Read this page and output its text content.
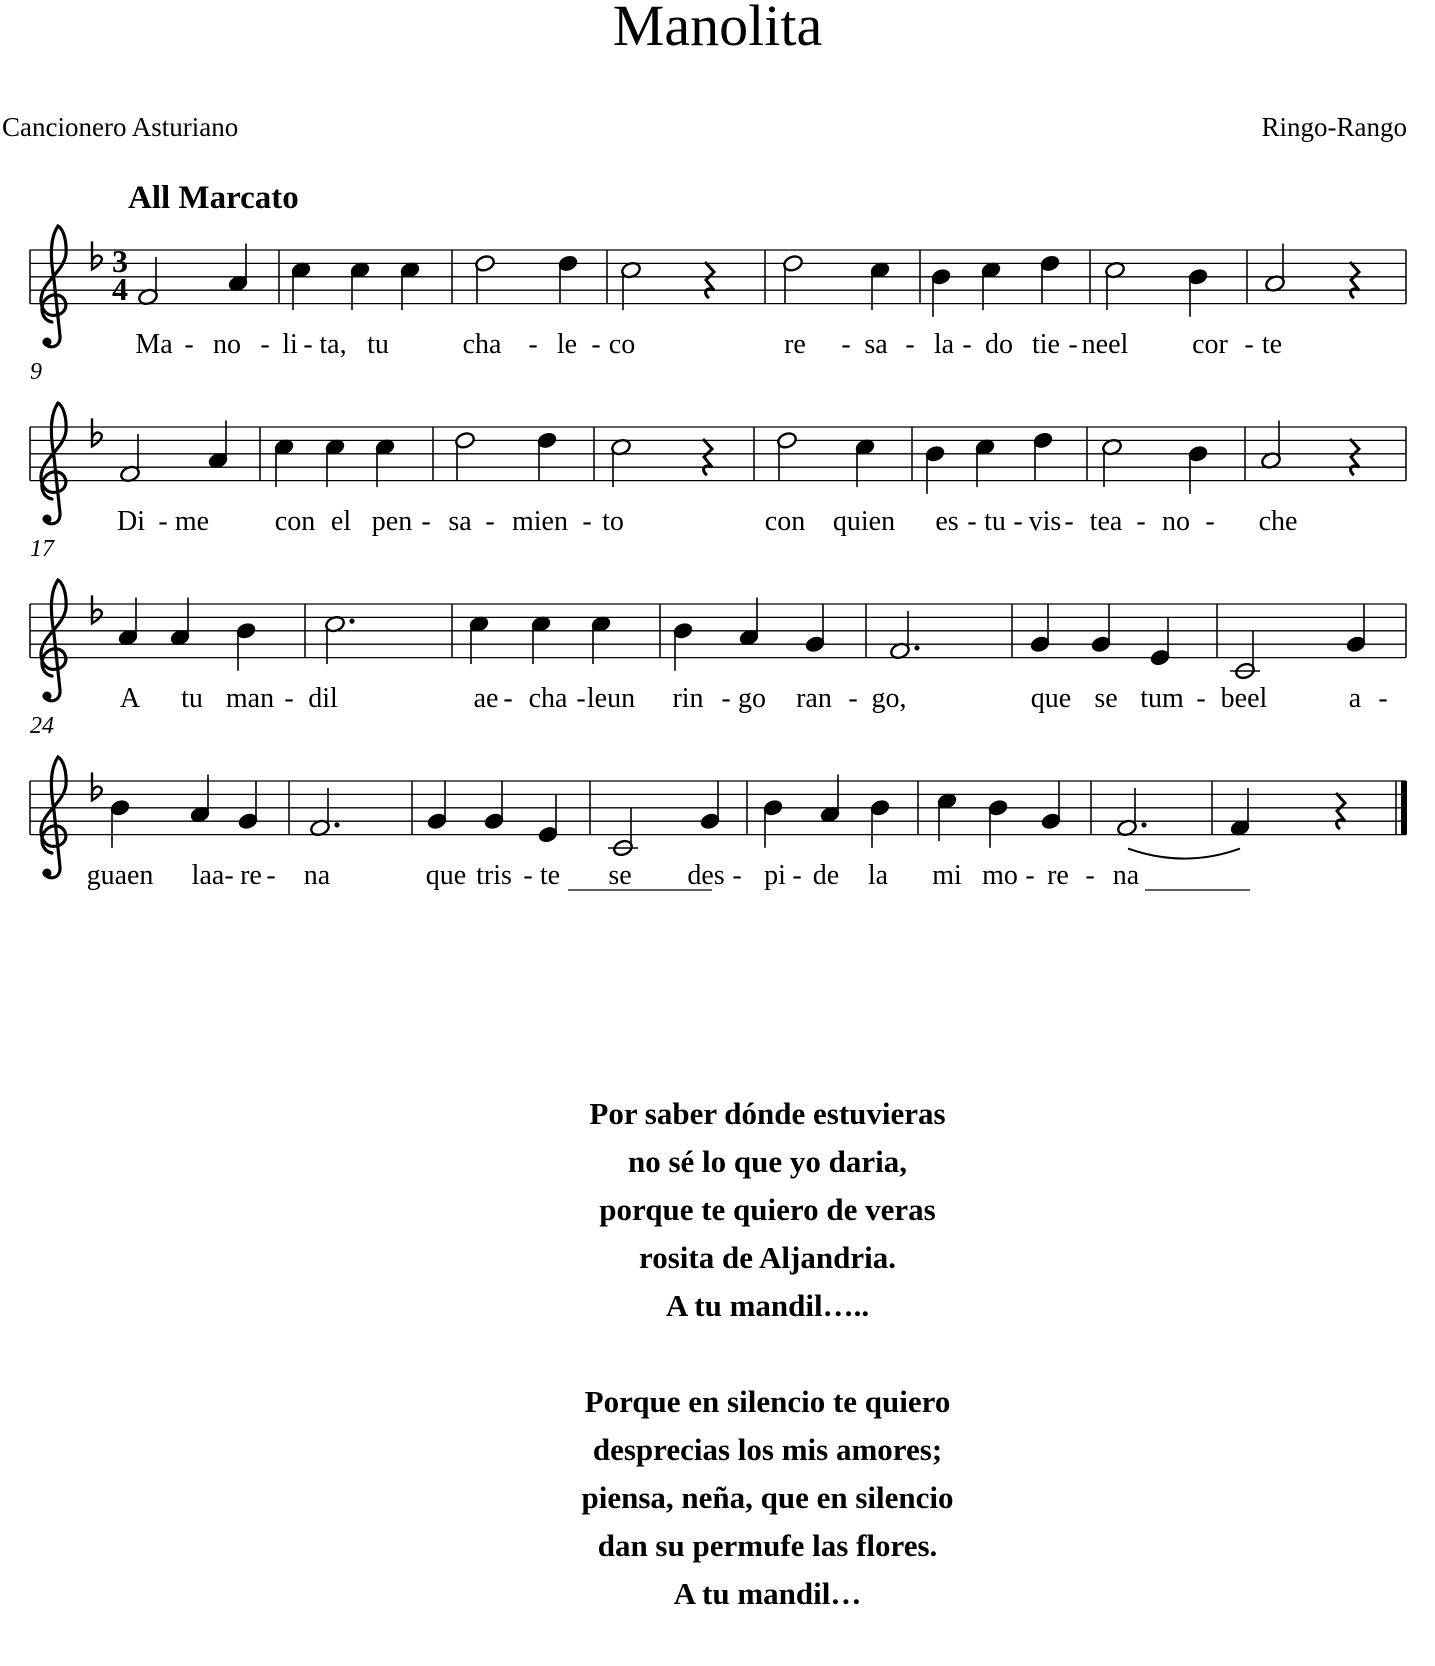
Manolita
Cancionero Asturiano	Ringo-Rango
All Marcato
3
4
Ma - no - li - ta, tu	cha - le - co	re - sa - la - do tie - neel cor - te
9
Di - me con el pen - sa - mien - to	con quien es - tu - vis - tea - no - che
17
A tu man - dil	ae - cha - leun rin - go ran - go,	que se tum - beel	a -
24
guaen laa - re - na	que tris - te se des - pi - de la mi mo - re - na
Por saber dónde estuvieras
no sé lo que yo daria,
porque te quiero de veras
rosita de Aljandria.
A tu mandil…..
Porque en silencio te quiero
desprecias los mis amores;
piensa, neña, que en silencio
dan su permufe las flores.
A tu mandil…
